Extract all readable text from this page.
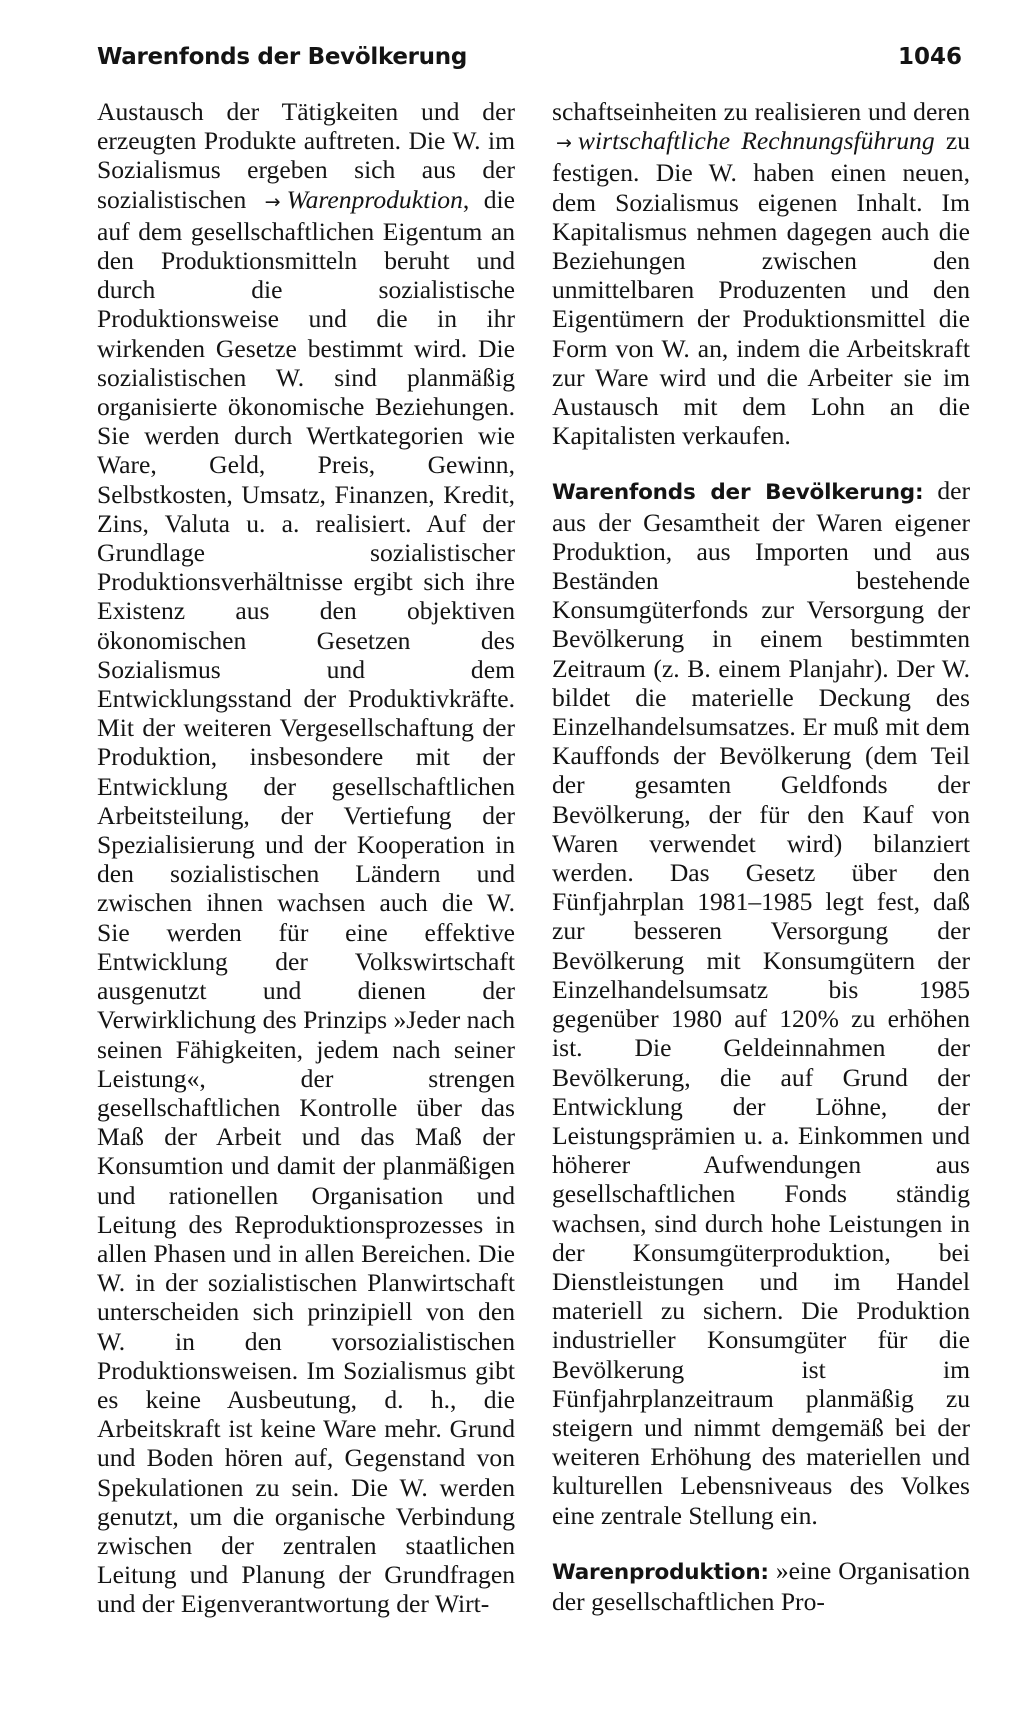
Warenfonds der Bevölkerung	1046

Austausch der Tätigkeiten und der erzeugten Produkte auftreten. Die W. im Sozialismus ergeben sich aus der sozialistischen → Warenproduktion, die auf dem gesellschaftlichen Eigentum an den Produktionsmitteln beruht und durch die sozialistische Produktionsweise und die in ihr wirkenden Gesetze bestimmt wird. Die sozialistischen W. sind planmäßig organisierte ökonomische Beziehungen. Sie werden durch Wertkategorien wie Ware, Geld, Preis, Gewinn, Selbstkosten, Umsatz, Finanzen, Kredit, Zins, Valuta u. a. realisiert. Auf der Grundlage sozialistischer Produktionsverhältnisse ergibt sich ihre Existenz aus den objektiven ökonomischen Gesetzen des Sozialismus und dem Entwicklungsstand der Produktivkräfte. Mit der weiteren Vergesellschaftung der Produktion, insbesondere mit der Entwicklung der gesellschaftlichen Arbeitsteilung, der Vertiefung der Spezialisierung und der Kooperation in den sozialistischen Ländern und zwischen ihnen wachsen auch die W. Sie werden für eine effektive Entwicklung der Volkswirtschaft ausgenutzt und dienen der Verwirklichung des Prinzips »Jeder nach seinen Fähigkeiten, jedem nach seiner Leistung«, der strengen gesellschaftlichen Kontrolle über das Maß der Arbeit und das Maß der Konsumtion und damit der planmäßigen und rationellen Organisation und Leitung des Reproduktionsprozesses in allen Phasen und in allen Bereichen. Die W. in der sozialistischen Planwirtschaft unterscheiden sich prinzipiell von den W. in den vorsozialistischen Produktionsweisen. Im Sozialismus gibt es keine Ausbeutung, d. h., die Arbeitskraft ist keine Ware mehr. Grund und Boden hören auf, Gegenstand von Spekulationen zu sein. Die W. werden genutzt, um die organische Verbindung zwischen der zentralen staatlichen Leitung und Planung der Grundfragen und der Eigenverantwortung der Wirt-

schaftseinheiten zu realisieren und deren → wirtschaftliche Rechnungsführung zu festigen. Die W. haben einen neuen, dem Sozialismus eigenen Inhalt. Im Kapitalismus nehmen dagegen auch die Beziehungen zwischen den unmittelbaren Produzenten und den Eigentümern der Produktionsmittel die Form von W. an, indem die Arbeitskraft zur Ware wird und die Arbeiter sie im Austausch mit dem Lohn an die Kapitalisten verkaufen.

Warenfonds der Bevölkerung: der aus der Gesamtheit der Waren eigener Produktion, aus Importen und aus Beständen bestehende Konsumgüterfonds zur Versorgung der Bevölkerung in einem bestimmten Zeitraum (z. B. einem Planjahr). Der W. bildet die materielle Deckung des Einzelhandelsumsatzes. Er muß mit dem Kauffonds der Bevölkerung (dem Teil der gesamten Geldfonds der Bevölkerung, der für den Kauf von Waren verwendet wird) bilanziert werden. Das Gesetz über den Fünfjahrplan 1981–1985 legt fest, daß zur besseren Versorgung der Bevölkerung mit Konsumgütern der Einzelhandelsumsatz bis 1985 gegenüber 1980 auf 120% zu erhöhen ist. Die Geldeinnahmen der Bevölkerung, die auf Grund der Entwicklung der Löhne, der Leistungsprämien u. a. Einkommen und höherer Aufwendungen aus gesellschaftlichen Fonds ständig wachsen, sind durch hohe Leistungen in der Konsumgüterproduktion, bei Dienstleistungen und im Handel materiell zu sichern. Die Produktion industrieller Konsumgüter für die Bevölkerung ist im Fünfjahrplanzeitraum planmäßig zu steigern und nimmt demgemäß bei der weiteren Erhöhung des materiellen und kulturellen Lebensniveaus des Volkes eine zentrale Stellung ein.

Warenproduktion: »eine Organisation der gesellschaftlichen Pro-
